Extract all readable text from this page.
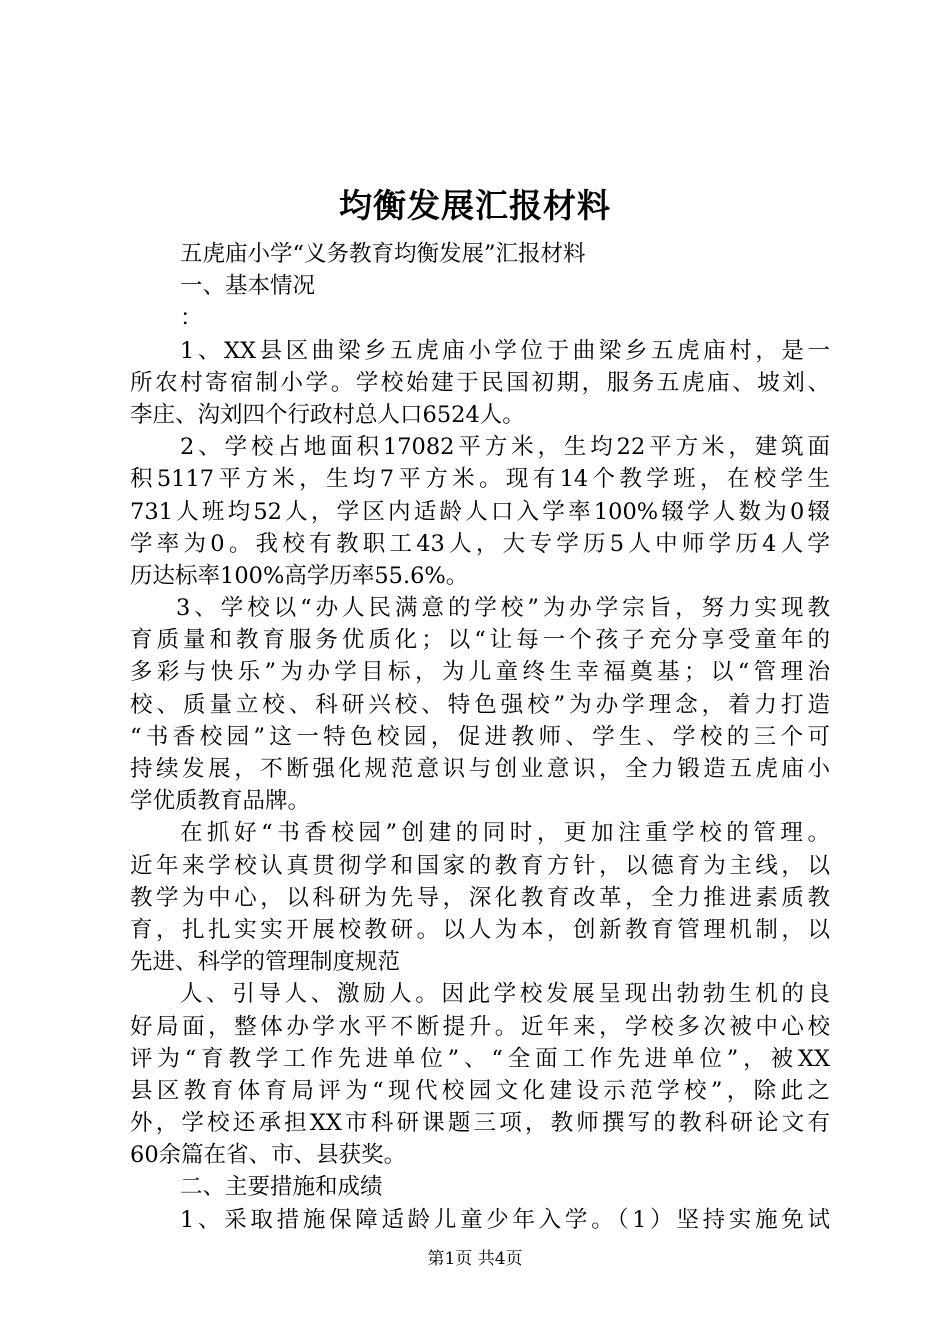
均衡发展汇报材料
五虎庙小学“义务教育均衡发展”汇报材料
一、基本情况
：
1、XX县区曲梁乡五虎庙小学位于曲梁乡五虎庙村，是一
所农村寄宿制小学。学校始建于民国初期，服务五虎庙、坡刘、
李庄、沟刘四个行政村总人口6524人。
2、学校占地面积17082平方米，生均22平方米，建筑面
积5117平方米，生均7平方米。现有14个教学班，在校学生
731人班均52人，学区内适龄人口入学率100%辍学人数为0辍
学率为0。我校有教职工43人，大专学历5人中师学历4人学
历达标率100%高学历率55.6%。
3、学校以“办人民满意的学校”为办学宗旨，努力实现教
育质量和教育服务优质化；以“让每一个孩子充分享受童年的
多彩与快乐”为办学目标，为儿童终生幸福奠基；以“管理治
校、质量立校、科研兴校、特色强校”为办学理念，着力打造
“书香校园”这一特色校园，促进教师、学生、学校的三个可
持续发展，不断强化规范意识与创业意识，全力锻造五虎庙小
学优质教育品牌。
在抓好“书香校园”创建的同时，更加注重学校的管理。
近年来学校认真贯彻学和国家的教育方针，以德育为主线，以
教学为中心，以科研为先导，深化教育改革，全力推进素质教
育，扎扎实实开展校教研。以人为本，创新教育管理机制，以
先进、科学的管理制度规范
人、引导人、激励人。因此学校发展呈现出勃勃生机的良
好局面，整体办学水平不断提升。近年来，学校多次被中心校
评为“育教学工作先进单位”、“全面工作先进单位”，被XX
县区教育体育局评为“现代校园文化建设示范学校”，除此之
外，学校还承担XX市科研课题三项，教师撰写的教科研论文有
60余篇在省、市、县获奖。
二、主要措施和成绩
1、采取措施保障适龄儿童少年入学。（1）坚持实施免试
第1页 共4页
